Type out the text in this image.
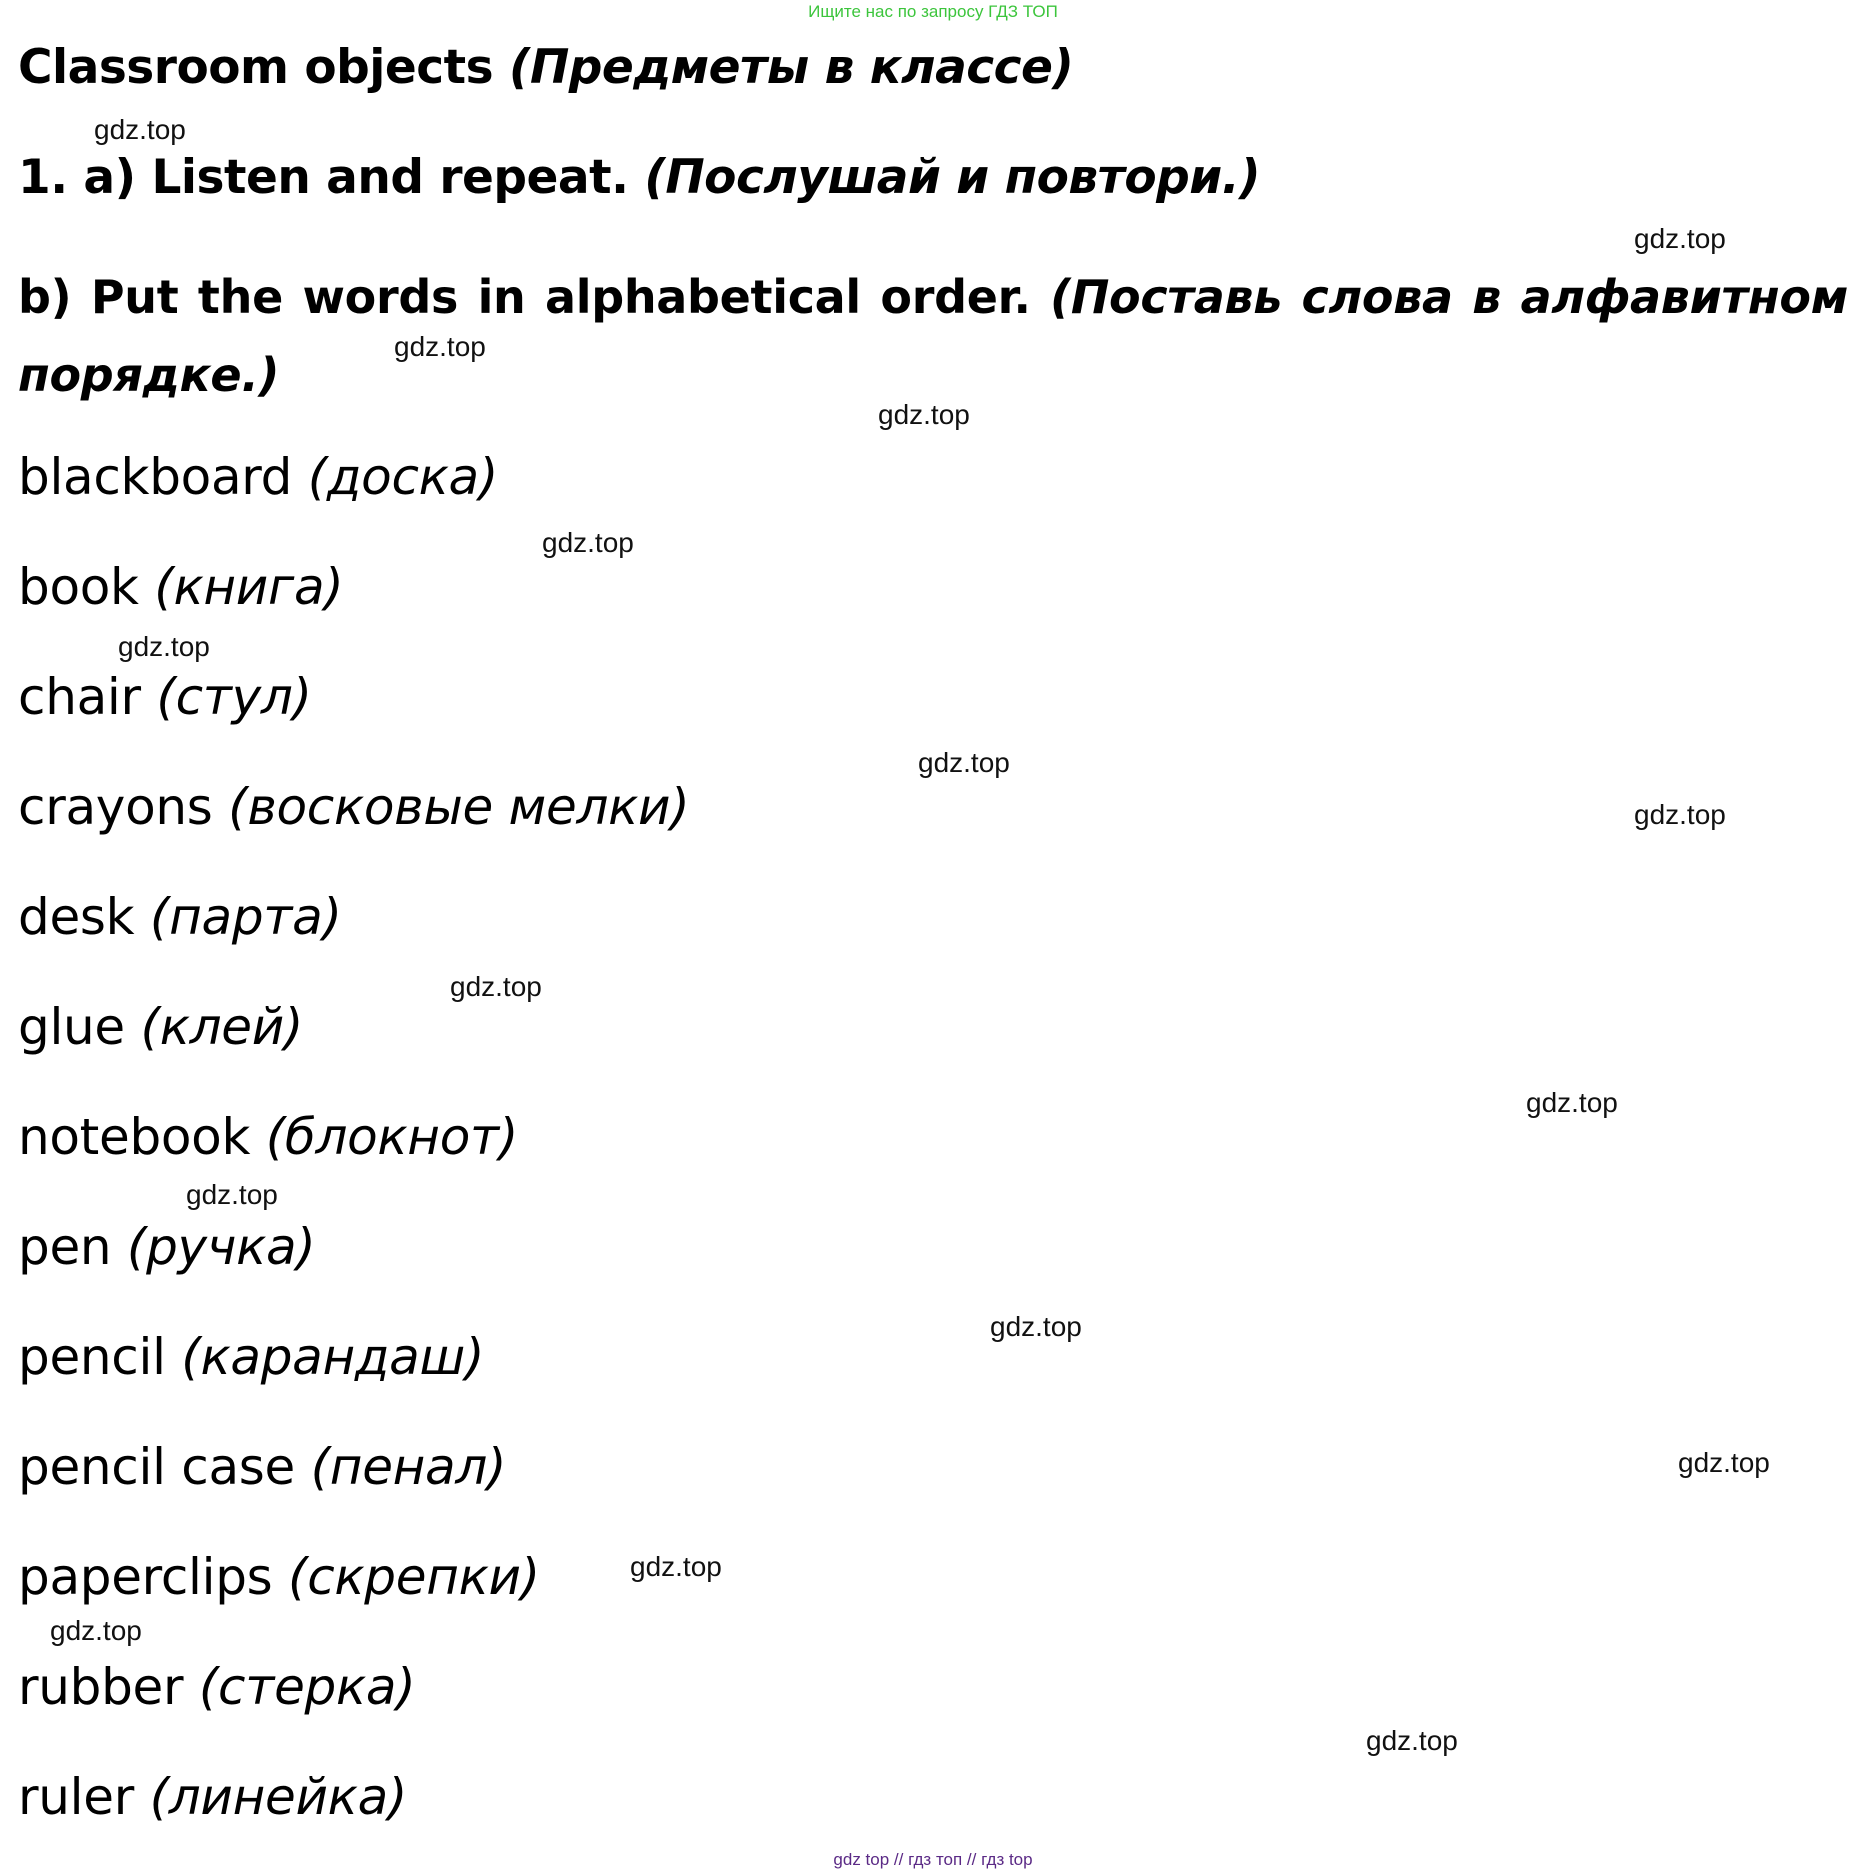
Ищите нас по запросу ГДЗ ТОП
Classroom objects (Предметы в классе)
1. a) Listen and repeat. (Послушай и повтори.)
b) Put the words in alphabetical order. (Поставь слова в алфавитном порядке.)
blackboard (доска)
book (книга)
chair (стул)
crayons (восковые мелки)
desk (парта)
glue (клей)
notebook (блокнот)
pen (ручка)
pencil (карандаш)
pencil case (пенал)
paperclips (скрепки)
rubber (стерка)
ruler (линейка)
gdz.top
gdz.top
gdz.top
gdz.top
gdz.top
gdz.top
gdz.top
gdz.top
gdz.top
gdz.top
gdz.top
gdz.top
gdz.top
gdz.top
gdz.top
gdz.top
gdz top // гдз топ // гдз top
